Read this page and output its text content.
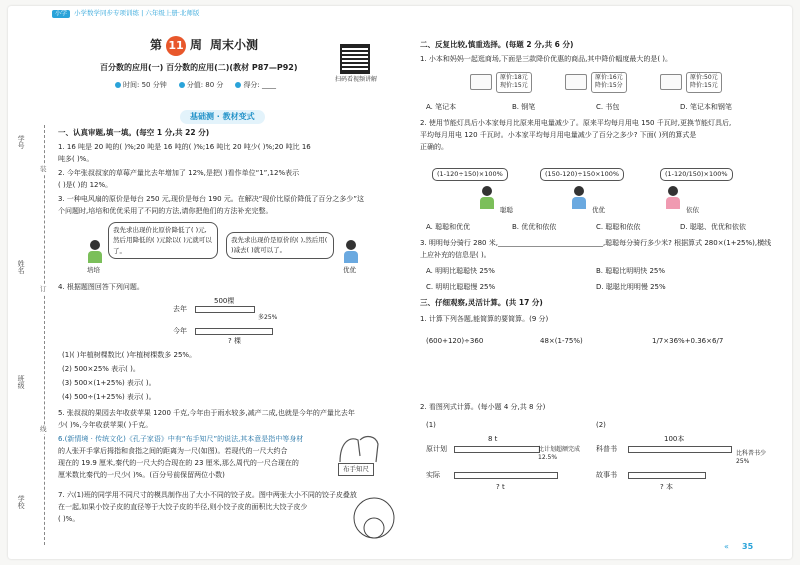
小学	小学数学同步专项训练 | 六年级上册·北师版
第 11 周 周末小测
百分数的应用(一) 百分数的应用(二)(教材 P87—P92)
时间: 50 分钟	分值: 80 分	得分: ____
扫码看视频讲解
学号
姓名
班级
学校
装
订
线
基础测 · 教材变式
一、认真审题,填一填。(每空 1 分,共 22 分)
1. 16 吨是 20 吨的( )%;20 吨是 16 吨的( )%;16 吨比 20 吨少( )%;20 吨比 16
吨多( )%。
2. 今年张叔叔家的草莓产量比去年增加了 12%,是把( )看作单位“1”,12%表示
( )是( )的 12%。
3. 一种电风扇的原价是每台 250 元,现价是每台 190 元。在解决“现价比原价降低了百分之多少”这
个问题时,培培和优优采用了不同的方法,请你把他们的方法补充完整。
培培
我先求出现价比原价降低了( )元,然后用降低的( )元除以( )元就可以了。
我先求出现价是原价的( ),然后用( )减去( )就可以了。
优优
4. 根据题图回答下列问题。
500棵
去年
多25%
今年
? 棵
(1)( )年植树棵数比( )年植树棵数多 25%。
(2) 500×25% 表示( )。
(3) 500×(1+25%) 表示( )。
(4) 500÷(1+25%) 表示( )。
5. 张叔叔的果园去年收获苹果 1200 千克,今年由于雨水较多,减产二成,也就是今年的产量比去年
少( )%,今年收获苹果( )千克。
6.(新情境 · 传统文化)《孔子家语》中有“布手知尺”的说法,其本意是指中等身材
的人张开手掌后拇指和食指之间的距离为一尺(如图)。若现代的一尺大约合
现在的 19.9 厘米,秦代的一尺大约合现在的 23 厘米,那么周代的一尺合现在的
厘米数比秦代的一尺少( )%。(百分号前保留两位小数)
布手知尺
7. 六(1)班的同学用不同尺寸的模具制作出了大小不同的饺子皮。图中两张大小不同的饺子皮叠放
在一起,如果小饺子皮的直径等于大饺子皮的半径,则小饺子皮的面积比大饺子皮少
( )%。
二、反复比较,慎重选择。(每题 2 分,共 6 分)
1. 小本和妈妈一起逛商场,下面是三款降价优惠的商品,其中降价幅度最大的是( )。
原价:18元
现价:15元
原价:16元
降价:15分
原价:50元
降价:15元
A. 笔记本	B. 钢笔	C. 书包	D. 笔记本和钢笔
2. 使用节能灯具后小本家每月比原来用电量减少了。原来平均每月用电 150 千瓦时,更换节能灯具后,
平均每月用电 120 千瓦时。小本家平均每月用电量减少了百分之多少? 下面( )列的算式是
正确的。
(1-120÷150)×100%	(150-120)÷150×100%	(1-120/150)×100%
聪聪	优优	依依
A. 聪聪和优优	B. 优优和依依	C. 聪聪和依依	D. 聪聪、优优和依依
3. 明明每分骑行 280 米,______________________________,聪聪每分骑行多少米? 根据算式 280×(1+25%),横线
上应补充的信息是( )。
A. 明明比聪聪快 25%	B. 聪聪比明明快 25%
C. 明明比聪聪慢 25%	D. 聪聪比明明慢 25%
三、仔细观察,灵活计算。(共 17 分)
1. 计算下列各题,能简算的要简算。(9 分)
(600+120)÷360	48×(1-75%)	1/7×36%+0.36×6/7
2. 看图列式计算。(每小题 4 分,共 8 分)
(1)
8 t
原计划	比计划超额完成12.5%
实际
? t
(2)
100本
科普书
比科普书少25%
故事书
? 本
« 35
